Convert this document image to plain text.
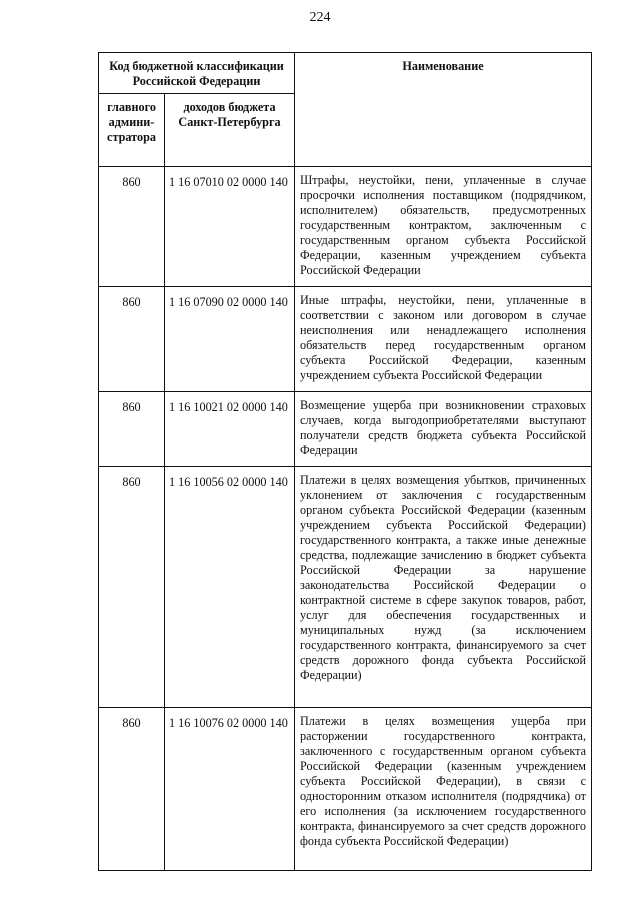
224
Код бюджетной классификации Российской Федерации		Наименование
главного админи-стратора	доходов бюджета Санкт-Петербурга	
860	1 16 07010 02 0000 140	Штрафы, неустойки, пени, уплаченные в случае просрочки исполнения поставщиком (подрядчиком, исполнителем) обязательств, предусмотренных государственным контрактом, заключенным с государственным органом субъекта Российской Федерации, казенным учреждением субъекта Российской Федерации
860	1 16 07090 02 0000 140	Иные штрафы, неустойки, пени, уплаченные в соответствии с законом или договором в случае неисполнения или ненадлежащего исполнения обязательств перед государственным органом субъекта Российской Федерации, казенным учреждением субъекта Российской Федерации
860	1 16 10021 02 0000 140	Возмещение ущерба при возникновении страховых случаев, когда выгодоприобретателями выступают получатели средств бюджета субъекта Российской Федерации
860	1 16 10056 02 0000 140	Платежи в целях возмещения убытков, причиненных уклонением от заключения с государственным органом субъекта Российской Федерации (казенным учреждением субъекта Российской Федерации) государственного контракта, а также иные денежные средства, подлежащие зачислению в бюджет субъекта Российской Федерации за нарушение законодательства Российской Федерации о контрактной системе в сфере закупок товаров, работ, услуг для обеспечения государственных и муниципальных нужд (за исключением государственного контракта, финансируемого за счет средств дорожного фонда субъекта Российской Федерации)
860	1 16 10076 02 0000 140	Платежи в целях возмещения ущерба при расторжении государственного контракта, заключенного с государственным органом субъекта Российской Федерации (казенным учреждением субъекта Российской Федерации), в связи с односторонним отказом исполнителя (подрядчика) от его исполнения (за исключением государственного контракта, финансируемого за счет средств дорожного фонда субъекта Российской Федерации)
